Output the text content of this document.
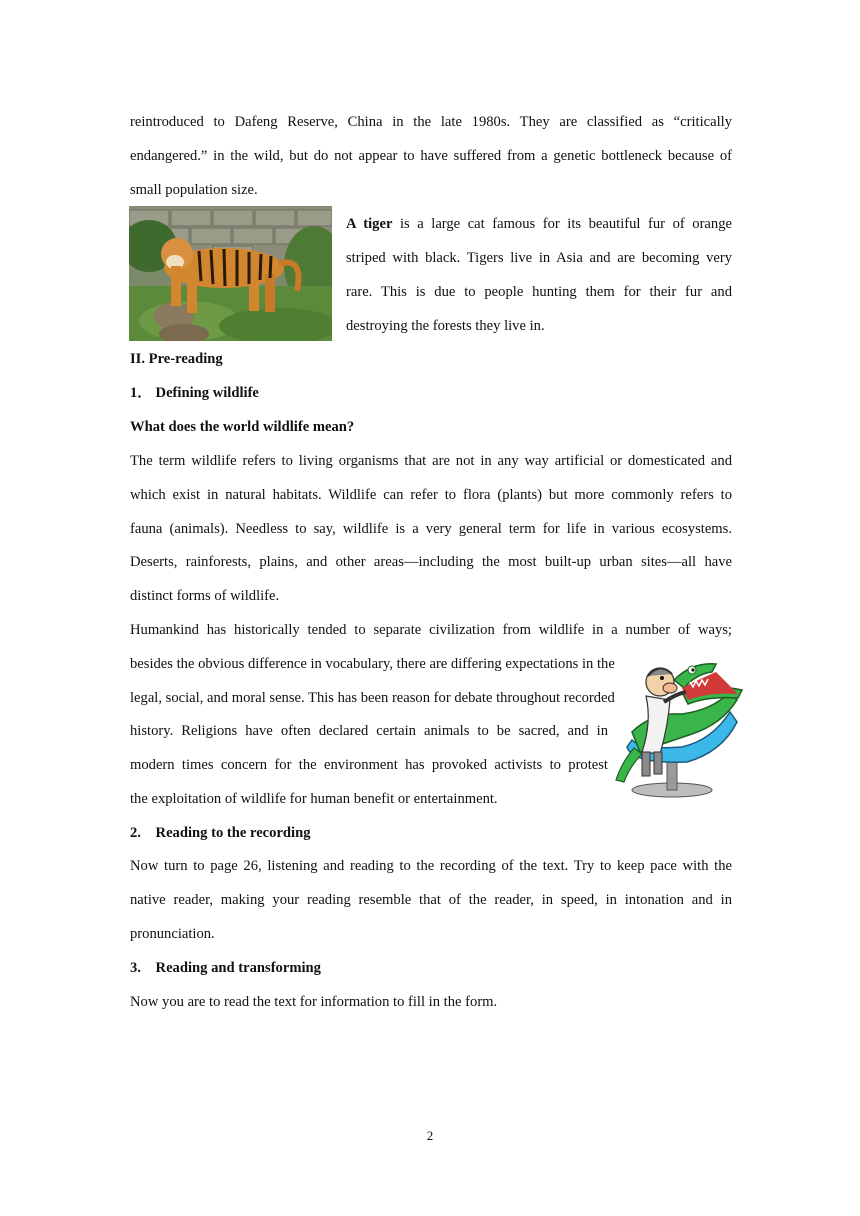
reintroduced to Dafeng Reserve, China in the late 1980s. They are classified as “critically
endangered.” in the wild, but do not appear to have suffered from a genetic bottleneck because of
small population size.
A tiger is a large cat famous for its beautiful fur of orange
striped with black. Tigers live in Asia and are becoming very
rare. This is due to people hunting them for their fur and
destroying the forests they live in.
II. Pre-reading
1． Defining wildlife
What does the world wildlife mean?
The term wildlife refers to living organisms that are not in any way artificial or domesticated and
which exist in natural habitats. Wildlife can refer to flora (plants) but more commonly refers to
fauna (animals). Needless to say, wildlife is a very general term for life in various ecosystems.
Deserts, rainforests, plains, and other areas—including the most built-up urban sites—all have
distinct forms of wildlife.
Humankind has historically tended to separate civilization from wildlife in a number of ways;
besides the obvious difference in vocabulary, there are differing expectations in the
legal, social, and moral sense. This has been reason for debate throughout recorded
history. Religions have often declared certain animals to be sacred, and in
modern times concern for the environment has provoked activists to protest
the exploitation of wildlife for human benefit or entertainment.
2.　Reading to the recording
Now turn to page 26, listening and reading to the recording of the text. Try to keep pace with the
native reader, making your reading resemble that of the reader, in speed, in intonation and in
pronunciation.
3.　Reading and transforming
Now you are to read the text for information to fill in the form.
2
